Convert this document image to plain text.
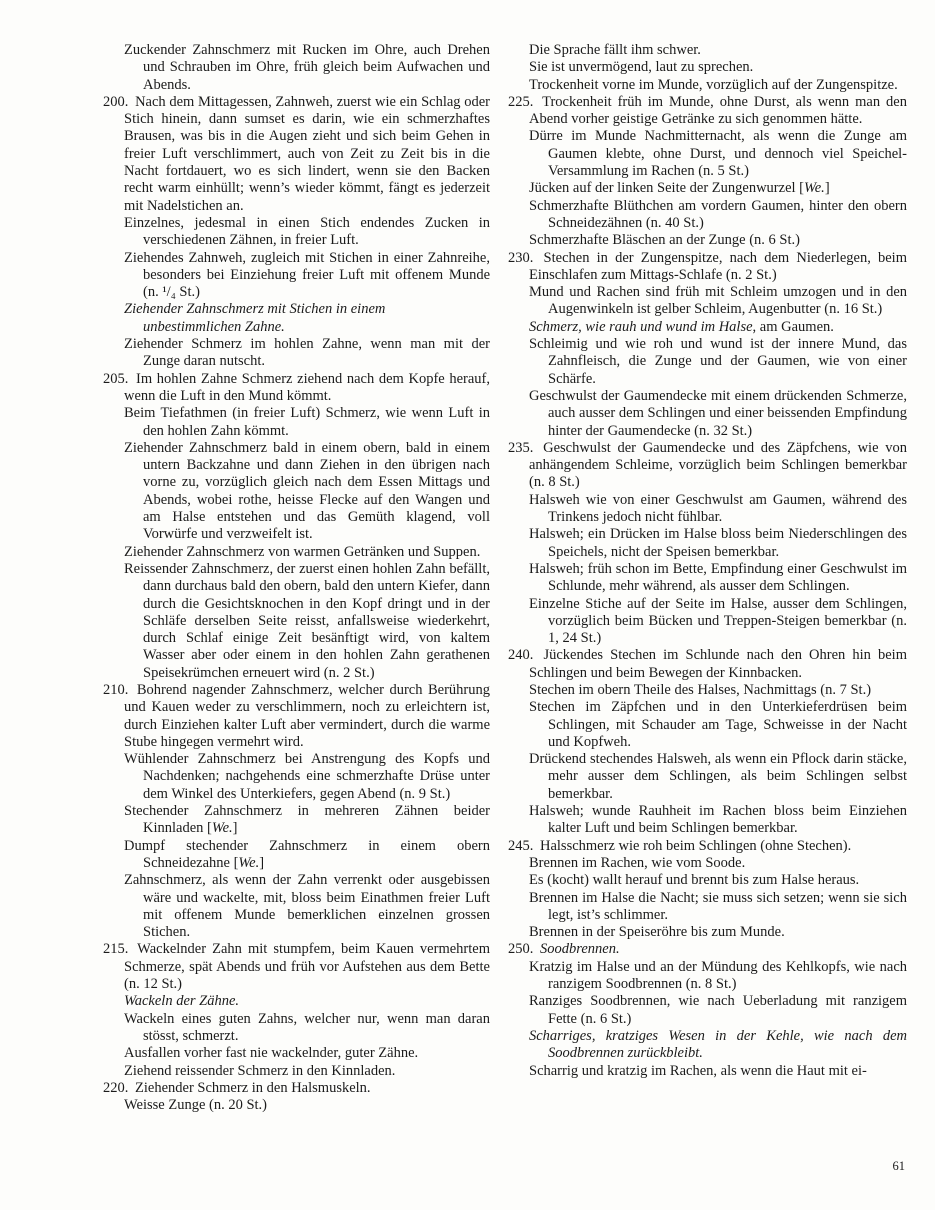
Zuckender Zahnschmerz mit Rucken im Ohre, auch Drehen und Schrauben im Ohre, früh gleich beim Aufwachen und Abends.

200. Nach dem Mittagessen, Zahnweh, zuerst wie ein Schlag oder Stich hinein, dann sumset es darin, wie ein schmerzhaftes Brausen, was bis in die Augen zieht und sich beim Gehen in freier Luft verschlimmert, auch von Zeit zu Zeit bis in die Nacht fortdauert, wo es sich lindert, wenn sie den Backen recht warm einhüllt; wenn’s wieder kömmt, fängt es jederzeit mit Nadelstichen an.

Einzelnes, jedesmal in einen Stich endendes Zucken in verschiedenen Zähnen, in freier Luft.

Ziehendes Zahnweh, zugleich mit Stichen in einer Zahnreihe, besonders bei Einziehung freier Luft mit offenem Munde (n. ¹/₄ St.)

Ziehender Zahnschmerz mit Stichen in einem
unbestimmlichen Zahne.

Ziehender Schmerz im hohlen Zahne, wenn man mit der Zunge daran nutscht.

205. Im hohlen Zahne Schmerz ziehend nach dem Kopfe herauf, wenn die Luft in den Mund kömmt.

Beim Tiefathmen (in freier Luft) Schmerz, wie wenn Luft in den hohlen Zahn kömmt.

Ziehender Zahnschmerz bald in einem obern, bald in einem untern Backzahne und dann Ziehen in den übrigen nach vorne zu, vorzüglich gleich nach dem Essen Mittags und Abends, wobei rothe, heisse Flecke auf den Wangen und am Halse entstehen und das Gemüth klagend, voll Vorwürfe und verzweifelt ist.

Ziehender Zahnschmerz von warmen Getränken und Suppen.

Reissender Zahnschmerz, der zuerst einen hohlen Zahn befällt, dann durchaus bald den obern, bald den untern Kiefer, dann durch die Gesichtsknochen in den Kopf dringt und in der Schläfe derselben Seite reisst, anfallsweise wiederkehrt, durch Schlaf einige Zeit besänftigt wird, von kaltem Wasser aber oder einem in den hohlen Zahn gerathenen Speisekrümchen erneuert wird (n. 2 St.)

210. Bohrend nagender Zahnschmerz, welcher durch Berührung und Kauen weder zu verschlimmern, noch zu erleichtern ist, durch Einziehen kalter Luft aber vermindert, durch die warme Stube hingegen vermehrt wird.

Wühlender Zahnschmerz bei Anstrengung des Kopfs und Nachdenken; nachgehends eine schmerzhafte Drüse unter dem Winkel des Unterkiefers, gegen Abend (n. 9 St.)

Stechender Zahnschmerz in mehreren Zähnen beider Kinnladen [We.]

Dumpf stechender Zahnschmerz in einem obern Schneidezahne [We.]

Zahnschmerz, als wenn der Zahn verrenkt oder ausgebissen wäre und wackelte, mit, bloss beim Einathmen freier Luft mit offenem Munde bemerklichen einzelnen grossen Stichen.

215. Wackelnder Zahn mit stumpfem, beim Kauen vermehrtem Schmerze, spät Abends und früh vor Aufstehen aus dem Bette (n. 12 St.)

Wackeln der Zähne.

Wackeln eines guten Zahns, welcher nur, wenn man daran stösst, schmerzt.

Ausfallen vorher fast nie wackelnder, guter Zähne.

Ziehend reissender Schmerz in den Kinnladen.

220. Ziehender Schmerz in den Halsmuskeln.

Weisse Zunge (n. 20 St.)

Die Sprache fällt ihm schwer.

Sie ist unvermögend, laut zu sprechen.

Trockenheit vorne im Munde, vorzüglich auf der Zungenspitze.

225. Trockenheit früh im Munde, ohne Durst, als wenn man den Abend vorher geistige Getränke zu sich genommen hätte.

Dürre im Munde Nachmitternacht, als wenn die Zunge am Gaumen klebte, ohne Durst, und dennoch viel Speichel-Versammlung im Rachen (n. 5 St.)

Jücken auf der linken Seite der Zungenwurzel [We.]

Schmerzhafte Blüthchen am vordern Gaumen, hinter den obern Schneidezähnen (n. 40 St.)

Schmerzhafte Bläschen an der Zunge (n. 6 St.)

230. Stechen in der Zungenspitze, nach dem Niederlegen, beim Einschlafen zum Mittags-Schlafe (n. 2 St.)

Mund und Rachen sind früh mit Schleim umzogen und in den Augenwinkeln ist gelber Schleim, Augenbutter (n. 16 St.)

Schmerz, wie rauh und wund im Halse, am Gaumen.

Schleimig und wie roh und wund ist der innere Mund, das Zahnfleisch, die Zunge und der Gaumen, wie von einer Schärfe.

Geschwulst der Gaumendecke mit einem drückenden Schmerze, auch ausser dem Schlingen und einer beissenden Empfindung hinter der Gaumendecke (n. 32 St.)

235. Geschwulst der Gaumendecke und des Zäpfchens, wie von anhängendem Schleime, vorzüglich beim Schlingen bemerkbar (n. 8 St.)

Halsweh wie von einer Geschwulst am Gaumen, während des Trinkens jedoch nicht fühlbar.

Halsweh; ein Drücken im Halse bloss beim Niederschlingen des Speichels, nicht der Speisen bemerkbar.

Halsweh; früh schon im Bette, Empfindung einer Geschwulst im Schlunde, mehr während, als ausser dem Schlingen.

Einzelne Stiche auf der Seite im Halse, ausser dem Schlingen, vorzüglich beim Bücken und Treppen-Steigen bemerkbar (n. 1, 24 St.)

240. Jückendes Stechen im Schlunde nach den Ohren hin beim Schlingen und beim Bewegen der Kinnbacken.

Stechen im obern Theile des Halses, Nachmittags (n. 7 St.)

Stechen im Zäpfchen und in den Unterkieferdrüsen beim Schlingen, mit Schauder am Tage, Schweisse in der Nacht und Kopfweh.

Drückend stechendes Halsweh, als wenn ein Pflock darin stäcke, mehr ausser dem Schlingen, als beim Schlingen selbst bemerkbar.

Halsweh; wunde Rauhheit im Rachen bloss beim Einziehen kalter Luft und beim Schlingen bemerkbar.

245. Halsschmerz wie roh beim Schlingen (ohne Stechen).

Brennen im Rachen, wie vom Soode.

Es (kocht) wallt herauf und brennt bis zum Halse heraus.

Brennen im Halse die Nacht; sie muss sich setzen; wenn sie sich legt, ist’s schlimmer.

Brennen in der Speiseröhre bis zum Munde.

250. Soodbrennen.

Kratzig im Halse und an der Mündung des Kehlkopfs, wie nach ranzigem Soodbrennen (n. 8 St.)

Ranziges Soodbrennen, wie nach Ueberladung mit ranzigem Fette (n. 6 St.)

Scharriges, kratziges Wesen in der Kehle, wie nach dem Soodbrennen zurückbleibt.

Scharrig und kratzig im Rachen, als wenn die Haut mit ei-

61
